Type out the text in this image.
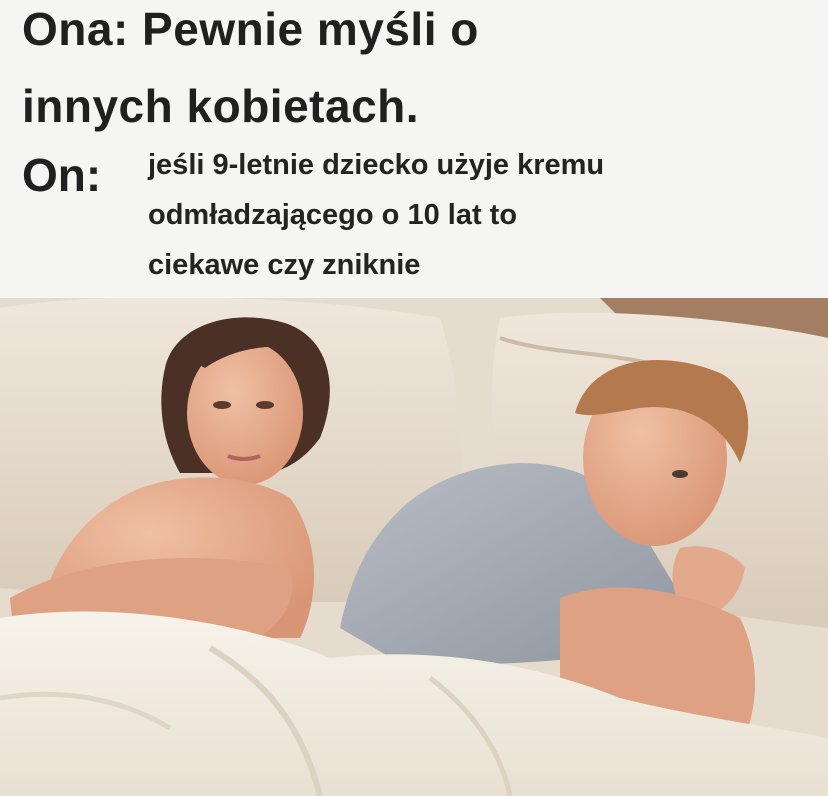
Ona: Pewnie myśli o
innych kobietach.
On: jeśli 9-letnie dziecko użyje kremu
odmładzającego o 10 lat to
ciekawe czy zniknie
